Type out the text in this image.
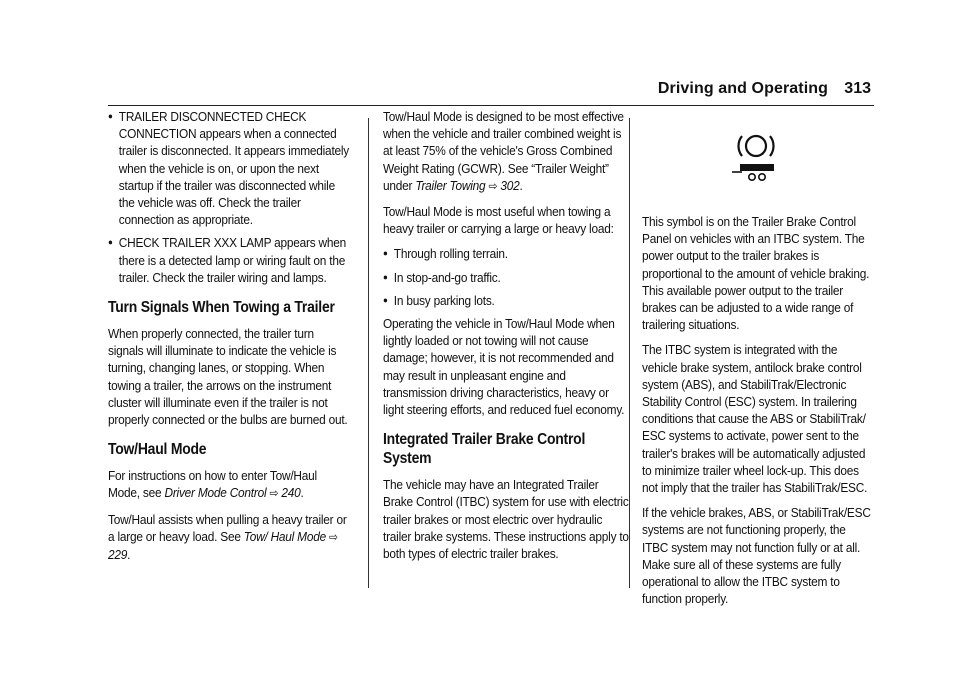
Driving and Operating 313
● TRAILER DISCONNECTED CHECK CONNECTION appears when a connected trailer is disconnected. It appears immediately when the vehicle is on, or upon the next startup if the trailer was disconnected while the vehicle was off. Check the trailer connection as appropriate.
● CHECK TRAILER XXX LAMP appears when there is a detected lamp or wiring fault on the trailer. Check the trailer wiring and lamps.
Turn Signals When Towing a Trailer

When properly connected, the trailer turn signals will illuminate to indicate the vehicle is turning, changing lanes, or stopping. When towing a trailer, the arrows on the instrument cluster will illuminate even if the trailer is not properly connected or the bulbs are burned out.

Tow/Haul Mode

For instructions on how to enter Tow/Haul Mode, see Driver Mode Control ⇨ 240.

Tow/Haul assists when pulling a heavy trailer or a large or heavy load. See Tow/ Haul Mode ⇨ 229.

Tow/Haul Mode is designed to be most effective when the vehicle and trailer combined weight is at least 75% of the vehicle's Gross Combined Weight Rating (GCWR). See “Trailer Weight” under Trailer Towing ⇨ 302.

Tow/Haul Mode is most useful when towing a heavy trailer or carrying a large or heavy load:

● Through rolling terrain.
● In stop-and-go traffic.
● In busy parking lots.

Operating the vehicle in Tow/Haul Mode when lightly loaded or not towing will not cause damage; however, it is not recommended and may result in unpleasant engine and transmission driving characteristics, heavy or light steering efforts, and reduced fuel economy.

Integrated Trailer Brake Control System

The vehicle may have an Integrated Trailer Brake Control (ITBC) system for use with electric trailer brakes or most electric over hydraulic trailer brake systems. These instructions apply to both types of electric trailer brakes.

This symbol is on the Trailer Brake Control Panel on vehicles with an ITBC system. The power output to the trailer brakes is proportional to the amount of vehicle braking. This available power output to the trailer brakes can be adjusted to a wide range of trailering situations.

The ITBC system is integrated with the vehicle brake system, antilock brake control system (ABS), and StabiliTrak/Electronic Stability Control (ESC) system. In trailering conditions that cause the ABS or StabiliTrak/ ESC systems to activate, power sent to the trailer's brakes will be automatically adjusted to minimize trailer wheel lock-up. This does not imply that the trailer has StabiliTrak/ESC.

If the vehicle brakes, ABS, or StabiliTrak/ESC systems are not functioning properly, the ITBC system may not function fully or at all. Make sure all of these systems are fully operational to allow the ITBC system to function properly.
